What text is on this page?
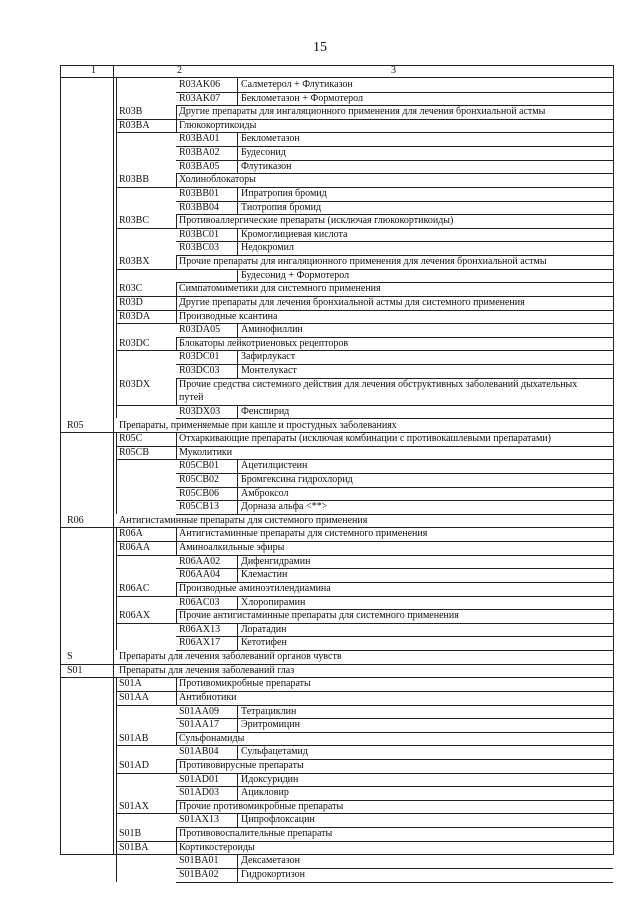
15
1	2	3
R03AK06 Салметерол + Флутиказон
R03AK07 Беклометазон + Формотерол
R03B	Другие препараты для ингаляционного применения для лечения бронхиальной астмы
R03BA	Глюкокортикоиды
R03BA01 Беклометазон
R03BA02 Будесонид
R03BA05 Флутиказон
R03BB	Холиноблокаторы
R03BB01 Ипратропия бромид
R03BB04 Тиотропия бромид
R03BC	Противоаллергические препараты (исключая глюкокортикоиды)
R03BC01 Кромоглициевая кислота
R03BC03 Недокромил
R03BX	Прочие препараты для ингаляционного применения для лечения бронхиальной астмы
Будесонид + Формотерол
R03C	Симпатомиметики для системного применения
R03D	Другие препараты для лечения бронхиальной астмы для системного применения
R03DA	Производные ксантина
R03DA05 Аминофиллин
R03DC	Блокаторы лейкотриеновых рецепторов
R03DC01 Зафирлукаст
R03DC03 Монтелукаст
R03DX	Прочие средства системного действия для лечения обструктивных заболеваний дыхательных
путей
R03DX03 Фенспирид
R05	Препараты, применяемые при кашле и простудных заболеваниях
R05C	Отхаркивающие препараты (исключая комбинации с противокашлевыми препаратами)
R05CB	Муколитики
R05CB01 Ацетилцистеин
R05CB02 Бромгексина гидрохлорид
R05CB06 Амброксол
R05CB13 Дорназа альфа <**>
R06	Антигистаминные препараты для системного применения
R06A	Антигистаминные препараты для системного применения
R06AA	Аминоалкильные эфиры
R06AA02 Дифенгидрамин
R06AA04 Клемастин
R06AC	Производные аминоэтилендиамина
R06AC03 Хлоропирамин
R06AX	Прочие антигистаминные препараты для системного применения
R06AX13 Лоратадин
R06AX17 Кетотифен
S	Препараты для лечения заболеваний органов чувств
S01	Препараты для лечения заболеваний глаз
S01A	Противомикробные препараты
S01AA	Антибиотики
S01AA09 Тетрациклин
S01AA17 Эритромицин
S01AB	Сульфонамиды
S01AB04 Сульфацетамид
S01AD	Противовирусные препараты
S01AD01 Идоксуридин
S01AD03 Ацикловир
S01AX	Прочие противомикробные препараты
S01AX13 Ципрофлоксацин
S01B	Противовоспалительные препараты
S01BA	Кортикостероиды
S01BA01 Дексаметазон
S01BA02 Гидрокортизон
